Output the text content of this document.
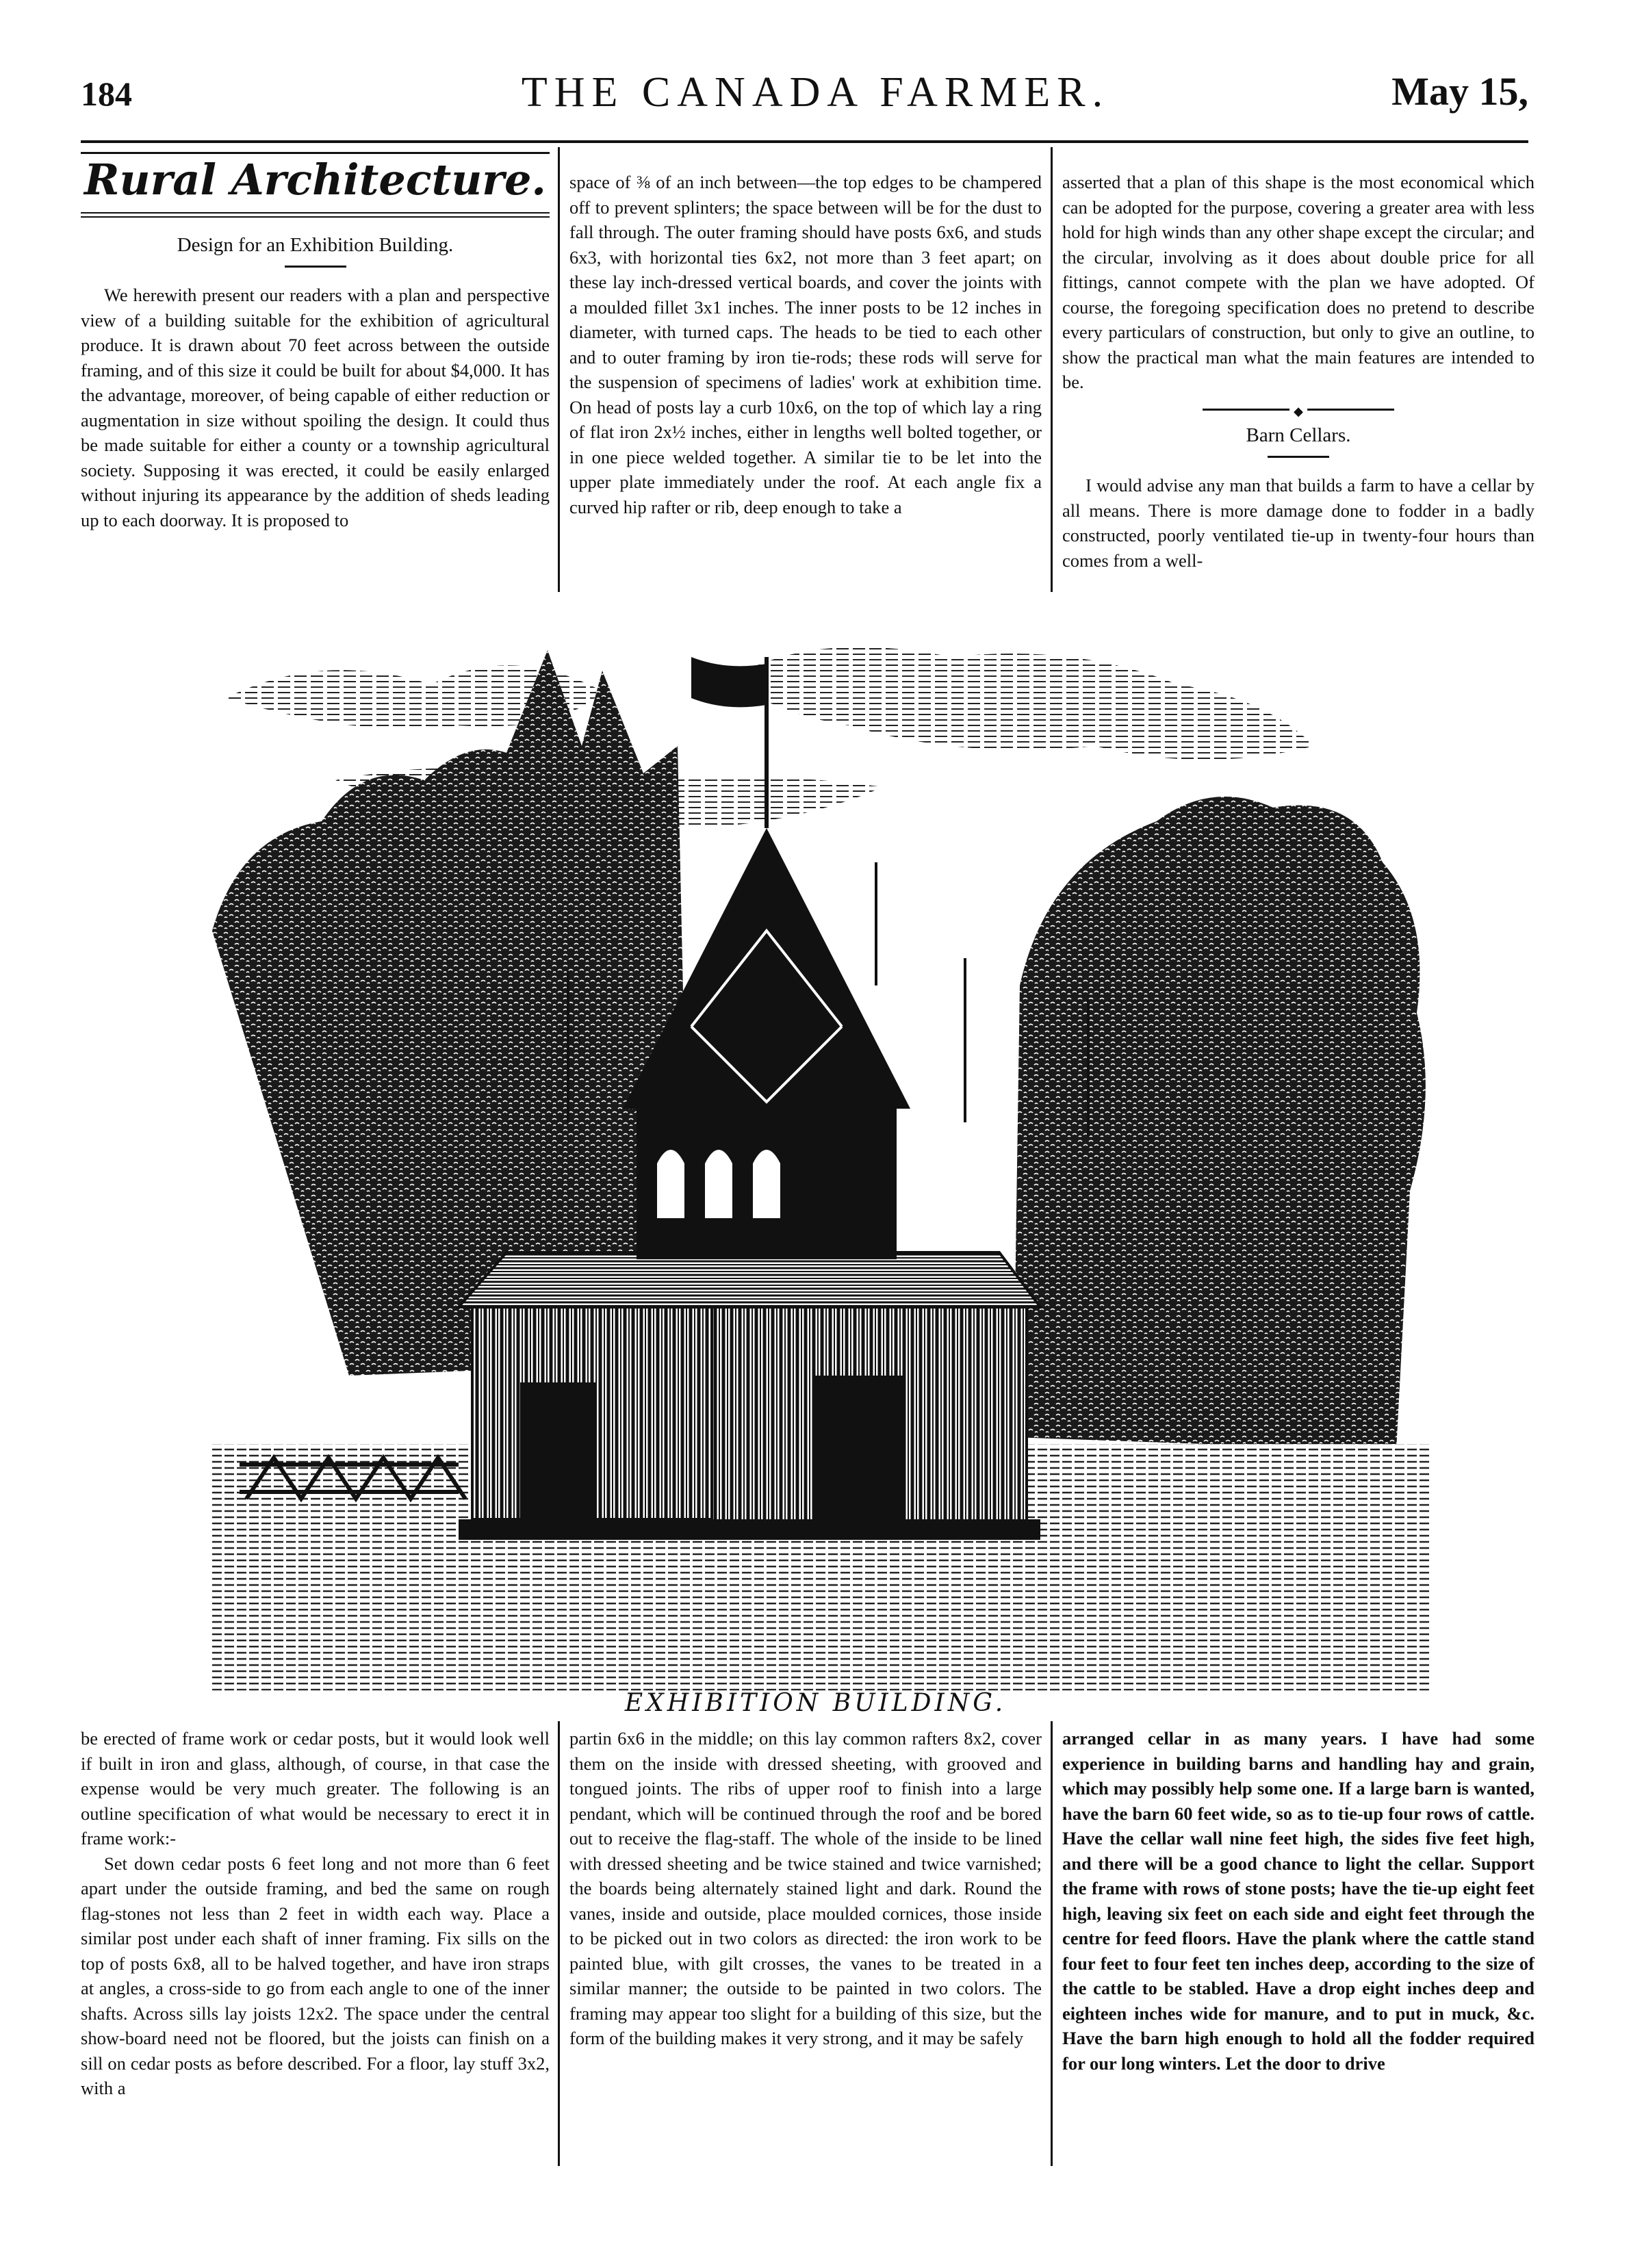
184	THE CANADA FARMER.	May 15,
Rural Architecture.
Design for an Exhibition Building.

We herewith present our readers with a plan and perspective view of a building suitable for the exhibition of agricultural produce. It is drawn about 70 feet across between the outside framing, and of this size it could be built for about $4,000. It has the advantage, moreover, of being capable of either reduction or augmentation in size without spoiling the design. It could thus be made suitable for either a county or a township agricultural society. Supposing it was erected, it could be easily enlarged without injuring its appearance by the addition of sheds leading up to each doorway. It is proposed to

space of ⅜ of an inch between—the top edges to be champered off to prevent splinters; the space between will be for the dust to fall through. The outer framing should have posts 6x6, and studs 6x3, with horizontal ties 6x2, not more than 3 feet apart; on these lay inch-dressed vertical boards, and cover the joints with a moulded fillet 3x1 inches. The inner posts to be 12 inches in diameter, with turned caps. The heads to be tied to each other and to outer framing by iron tie-rods; these rods will serve for the suspension of specimens of ladies' work at exhibition time. On head of posts lay a curb 10x6, on the top of which lay a ring of flat iron 2x½ inches, either in lengths well bolted together, or in one piece welded together. A similar tie to be let into the upper plate immediately under the roof. At each angle fix a curved hip rafter or rib, deep enough to take a

asserted that a plan of this shape is the most economical which can be adopted for the purpose, covering a greater area with less hold for high winds than any other shape except the circular; and the circular, involving as it does about double price for all fittings, cannot compete with the plan we have adopted. Of course, the foregoing specification does no pretend to describe every particulars of construction, but only to give an outline, to show the practical man what the main features are intended to be.

◆
Barn Cellars.

I would advise any man that builds a farm to have a cellar by all means. There is more damage done to fodder in a badly constructed, poorly ventilated tie-up in twenty-four hours than comes from a well-

EXHIBITION BUILDING.

be erected of frame work or cedar posts, but it would look well if built in iron and glass, although, of course, in that case the expense would be very much greater. The following is an outline specification of what would be necessary to erect it in frame work:-

Set down cedar posts 6 feet long and not more than 6 feet apart under the outside framing, and bed the same on rough flag-stones not less than 2 feet in width each way. Place a similar post under each shaft of inner framing. Fix sills on the top of posts 6x8, all to be halved together, and have iron straps at angles, a cross-side to go from each angle to one of the inner shafts. Across sills lay joists 12x2. The space under the central show-board need not be floored, but the joists can finish on a sill on cedar posts as before described. For a floor, lay stuff 3x2, with a

partin 6x6 in the middle; on this lay common rafters 8x2, cover them on the inside with dressed sheeting, with grooved and tongued joints. The ribs of upper roof to finish into a large pendant, which will be continued through the roof and be bored out to receive the flag-staff. The whole of the inside to be lined with dressed sheeting and be twice stained and twice varnished; the boards being alternately stained light and dark. Round the vanes, inside and outside, place moulded cornices, those inside to be picked out in two colors as directed: the iron work to be painted blue, with gilt crosses, the vanes to be treated in a similar manner; the outside to be painted in two colors. The framing may appear too slight for a building of this size, but the form of the building makes it very strong, and it may be safely

arranged cellar in as many years. I have had some experience in building barns and handling hay and grain, which may possibly help some one. If a large barn is wanted, have the barn 60 feet wide, so as to tie-up four rows of cattle. Have the cellar wall nine feet high, the sides five feet high, and there will be a good chance to light the cellar. Support the frame with rows of stone posts; have the tie-up eight feet high, leaving six feet on each side and eight feet through the centre for feed floors. Have the plank where the cattle stand four feet to four feet ten inches deep, according to the size of the cattle to be stabled. Have a drop eight inches deep and eighteen inches wide for manure, and to put in muck, &c. Have the barn high enough to hold all the fodder required for our long winters. Let the door to drive
